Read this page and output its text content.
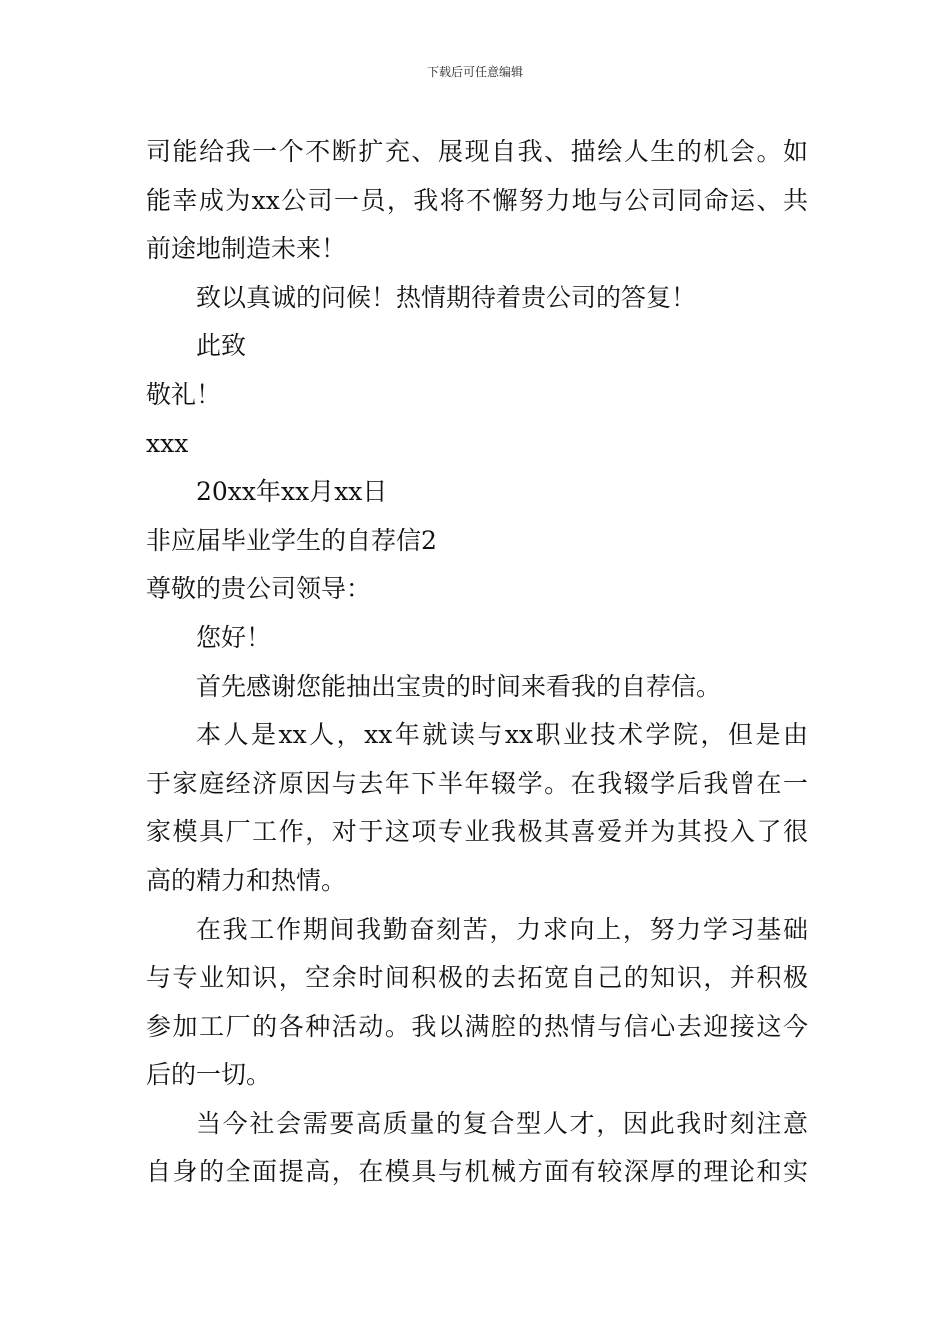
下载后可任意编辑
司能给我一个不断扩充、展现自我、描绘人生的机会。如
能幸成为xx公司一员，我将不懈努力地与公司同命运、共
前途地制造未来！
致以真诚的问候！热情期待着贵公司的答复！
此致
敬礼！
xxx
20xx年xx月xx日
非应届毕业学生的自荐信2
尊敬的贵公司领导：
您好！
首先感谢您能抽出宝贵的时间来看我的自荐信。
本人是xx人，xx年就读与xx职业技术学院，但是由
于家庭经济原因与去年下半年辍学。在我辍学后我曾在一
家模具厂工作，对于这项专业我极其喜爱并为其投入了很
高的精力和热情。
在我工作期间我勤奋刻苦，力求向上，努力学习基础
与专业知识，空余时间积极的去拓宽自己的知识，并积极
参加工厂的各种活动。我以满腔的热情与信心去迎接这今
后的一切。
当今社会需要高质量的复合型人才，因此我时刻注意
自身的全面提高，在模具与机械方面有较深厚的理论和实
